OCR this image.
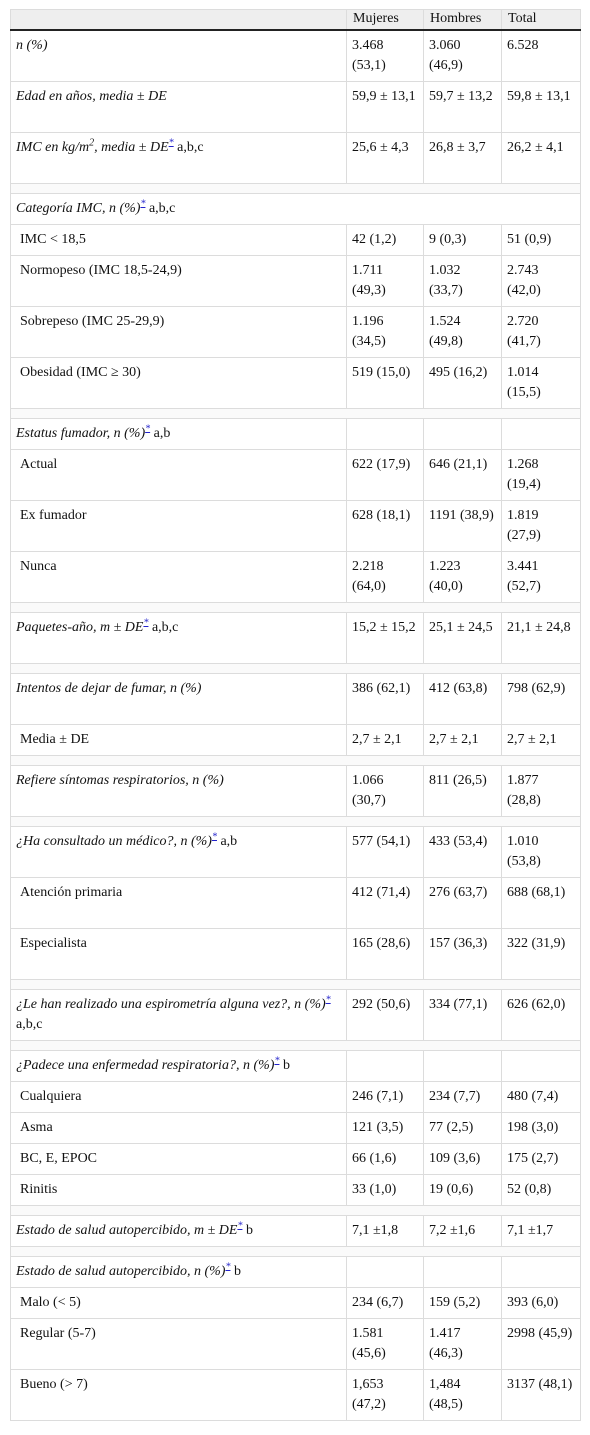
	Mujeres	Hombres	Total
n (%)	3.468 (53,1)	3.060 (46,9)	6.528
Edad en años, media ± DE	59,9 ± 13,1	59,7 ± 13,2	59,8 ± 13,1
IMC en $kg/m^2$, media ± DE* a,b,c	25,6 ± 4,3	26,8 ± 3,7	26,2 ± 4,1

Categoría IMC, n (%)* a,b,c			
IMC < 18,5	42 (1,2)	9 (0,3)	51 (0,9)
Normopeso (IMC 18,5-24,9)	1.711 (49,3)	1.032 (33,7)	2.743 (42,0)
Sobrepeso (IMC 25-29,9)	1.196 (34,5)	1.524 (49,8)	2.720 (41,7)
Obesidad (IMC ≥ 30)	519 (15,0)	495 (16,2)	1.014 (15,5)

Estatus fumador, n (%)* a,b			
Actual	622 (17,9)	646 (21,1)	1.268 (19,4)
Ex fumador	628 (18,1)	1191 (38,9)	1.819 (27,9)
Nunca	2.218 (64,0)	1.223 (40,0)	3.441 (52,7)

Paquetes-año, m ± DE* a,b,c	15,2 ± 15,2	25,1 ± 24,5	21,1 ± 24,8

Intentos de dejar de fumar, n (%)	386 (62,1)	412 (63,8)	798 (62,9)
Media ± DE	2,7 ± 2,1	2,7 ± 2,1	2,7 ± 2,1

Refiere síntomas respiratorios, n (%)	1.066 (30,7)	811 (26,5)	1.877 (28,8)

¿Ha consultado un médico?, n (%)* a,b	577 (54,1)	433 (53,4)	1.010 (53,8)
Atención primaria	412 (71,4)	276 (63,7)	688 (68,1)
Especialista	165 (28,6)	157 (36,3)	322 (31,9)

¿Le han realizado una espirometría alguna vez?, n (%)* a,b,c	292 (50,6)	334 (77,1)	626 (62,0)

¿Padece una enfermedad respiratoria?, n (%)* b			
Cualquiera	246 (7,1)	234 (7,7)	480 (7,4)
Asma	121 (3,5)	77 (2,5)	198 (3,0)
BC, E, EPOC	66 (1,6)	109 (3,6)	175 (2,7)
Rinitis	33 (1,0)	19 (0,6)	52 (0,8)

Estado de salud autopercibido, m ± DE* b	7,1 ±1,8	7,2 ±1,6	7,1 ±1,7

Estado de salud autopercibido, n (%)* b			
Malo (< 5)	234 (6,7)	159 (5,2)	393 (6,0)
Regular (5-7)	1.581 (45,6)	1.417 (46,3)	2998 (45,9)
Bueno (> 7)	1,653 (47,2)	1,484 (48,5)	3137 (48,1)
